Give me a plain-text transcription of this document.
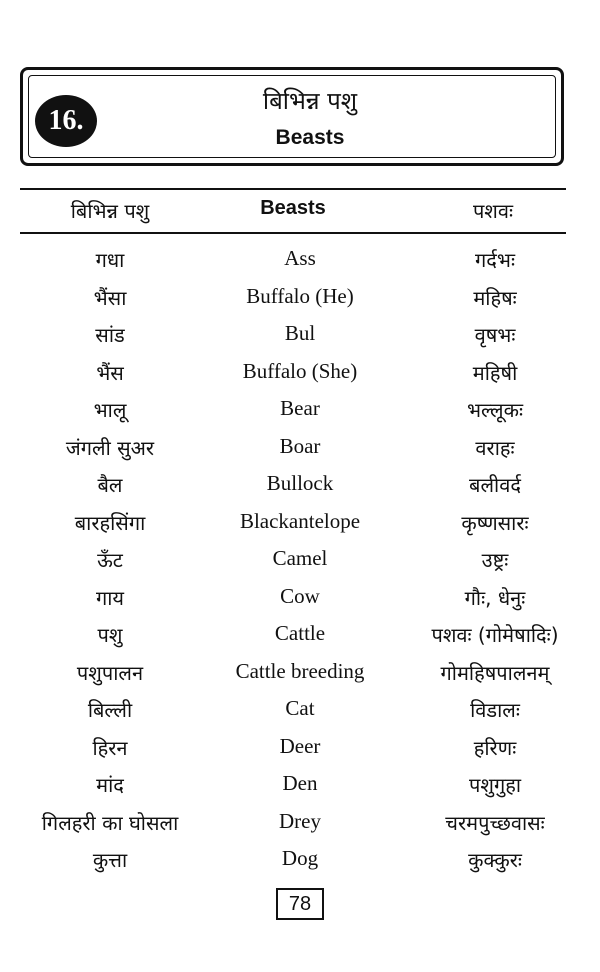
16.
बिभिन्न पशु
Beasts
बिभिन्न पशु	Beasts	पशवः
गधा	Ass	गर्दभः
भैंसा	Buffalo (He)	महिषः
सांड	Bul	वृषभः
भैंस	Buffalo (She)	महिषी
भालू	Bear	भल्लूकः
जंगली सुअर	Boar	वराहः
बैल	Bullock	बलीवर्द
बारहसिंगा	Blackantelope	कृष्णसारः
ऊँट	Camel	उष्ट्रः
गाय	Cow	गौः, धेनुः
पशु	Cattle	पशवः (गोमेषादिः)
पशुपालन	Cattle breeding	गोमहिषपालनम्
बिल्ली	Cat	विडालः
हिरन	Deer	हरिणः
मांद	Den	पशुगुहा
गिलहरी का घोसला	Drey	चरमपुच्छवासः
कुत्ता	Dog	कुक्कुरः
78
